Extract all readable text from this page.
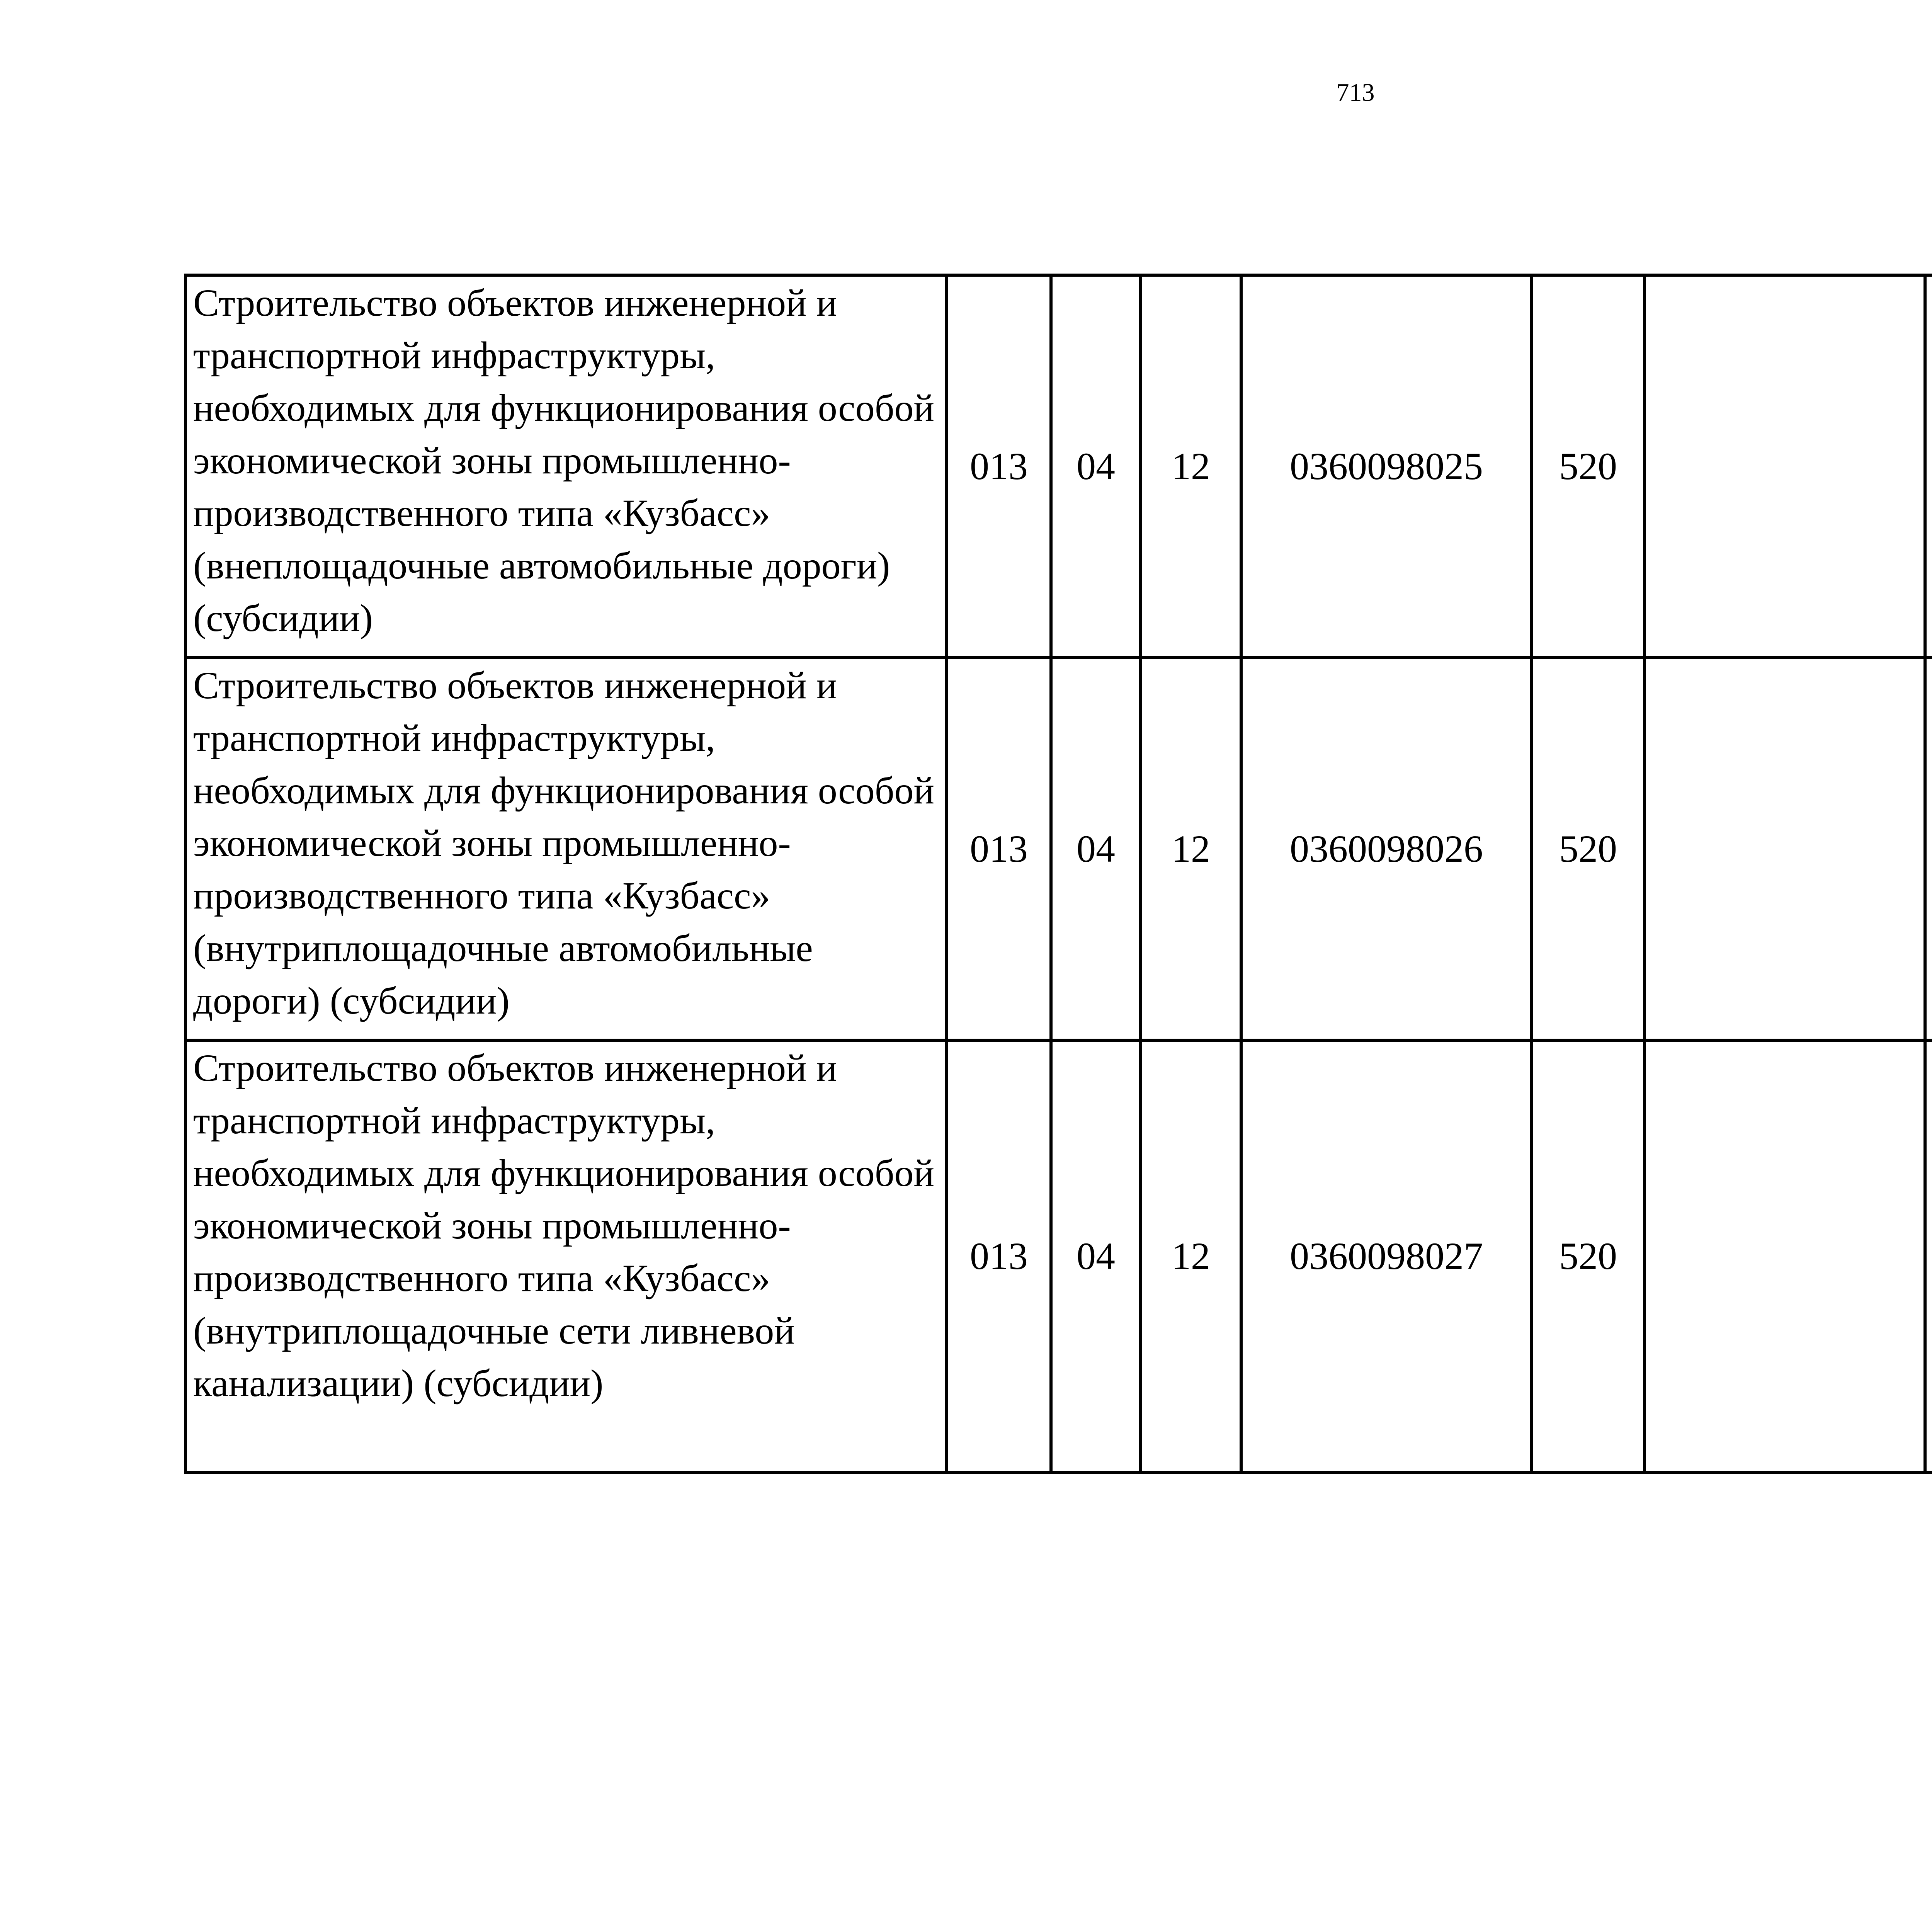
713
Строительство объектов инженерной и транспортной инфраструктуры, необходимых для функционирования особой экономической зоны промышленно-производственного типа «Кузбасс» (внеплощадочные автомобильные дороги) (субсидии)	013	04	12	0360098025	520			
Строительство объектов инженерной и транспортной инфраструктуры, необходимых для функционирования особой экономической зоны промышленно-производственного типа «Кузбасс» (внутриплощадочные автомобильные дороги) (субсидии)	013	04	12	0360098026	520			
Строительство объектов инженерной и транспортной инфраструктуры, необходимых для функционирования особой экономической зоны промышленно-производственного типа «Кузбасс» (внутриплощадочные сети ливневой канализации) (субсидии)	013	04	12	0360098027	520			
